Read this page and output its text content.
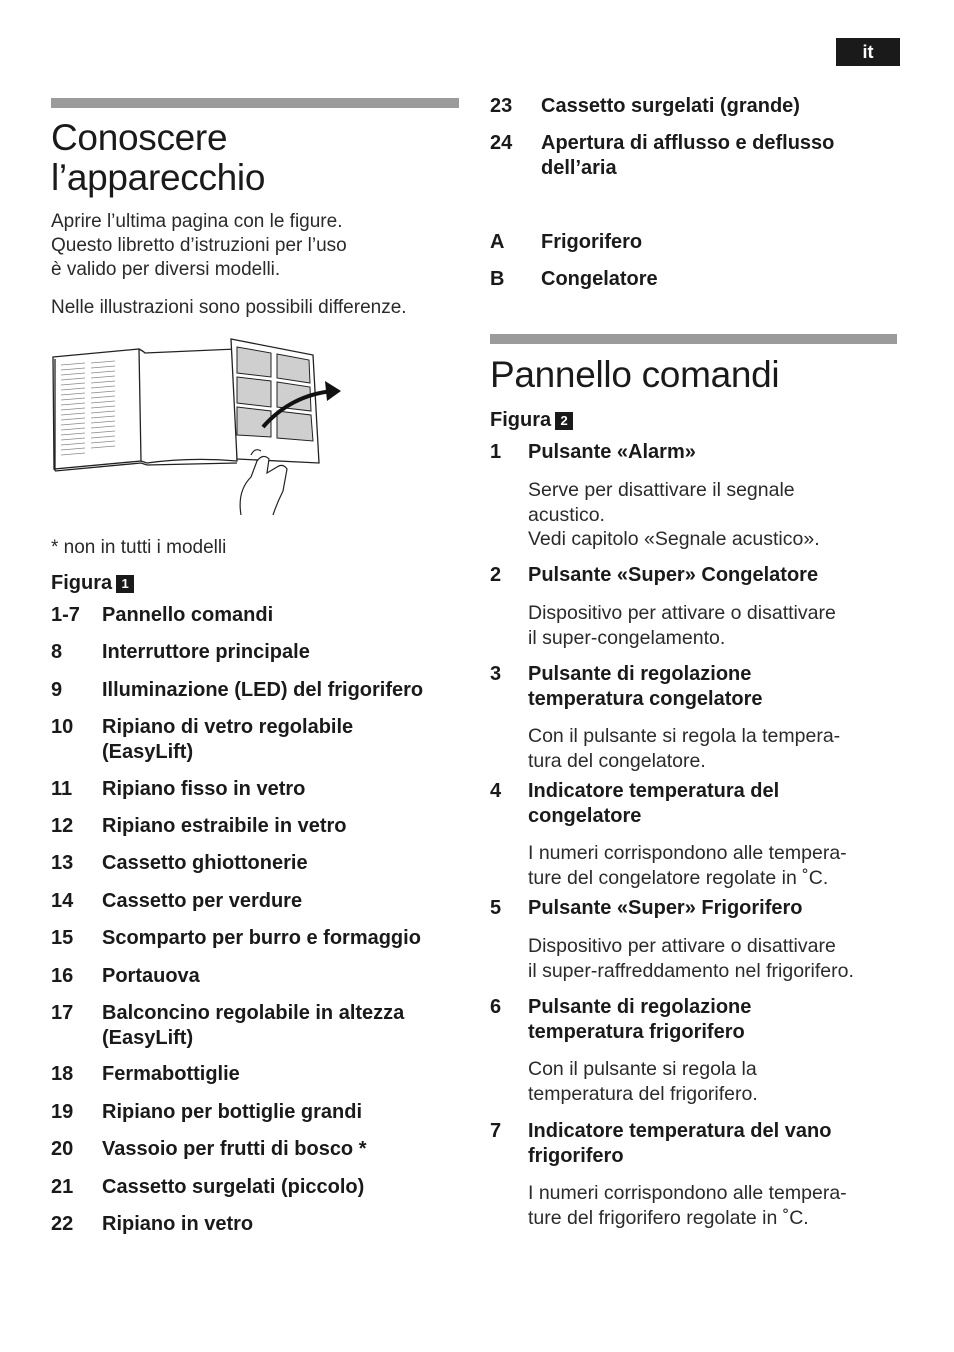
it
Conoscere
l’apparecchio
Aprire l’ultima pagina con le figure.
Questo libretto d’istruzioni per l’uso
è valido per diversi modelli.
Nelle illustrazioni sono possibili differenze.
* non in tutti i modelli
Figura 1
1-7 Pannello comandi
8 Interruttore principale
9 Illuminazione (LED) del frigorifero
10 Ripiano di vetro regolabile
(EasyLift)
11 Ripiano fisso in vetro
12 Ripiano estraibile in vetro
13 Cassetto ghiottonerie
14 Cassetto per verdure
15 Scomparto per burro e formaggio
16 Portauova
17 Balconcino regolabile in altezza
(EasyLift)
18 Fermabottiglie
19 Ripiano per bottiglie grandi
20 Vassoio per frutti di bosco *
21 Cassetto surgelati (piccolo)
22 Ripiano in vetro
23 Cassetto surgelati (grande)
24 Apertura di afflusso e deflusso
dell’aria
A Frigorifero
B Congelatore
Pannello comandi
Figura 2
1 Pulsante «Alarm»
Serve per disattivare il segnale
acustico.
Vedi capitolo «Segnale acustico».
2 Pulsante «Super» Congelatore
Dispositivo per attivare o disattivare
il super-congelamento.
3 Pulsante di regolazione
temperatura congelatore
Con il pulsante si regola la tempera-
tura del congelatore.
4 Indicatore temperatura del
congelatore
I numeri corrispondono alle tempera-
ture del congelatore regolate in ˚C.
5 Pulsante «Super» Frigorifero
Dispositivo per attivare o disattivare
il super-raffreddamento nel frigorifero.
6 Pulsante di regolazione
temperatura frigorifero
Con il pulsante si regola la
temperatura del frigorifero.
7 Indicatore temperatura del vano
frigorifero
I numeri corrispondono alle tempera-
ture del frigorifero regolate in ˚C.
